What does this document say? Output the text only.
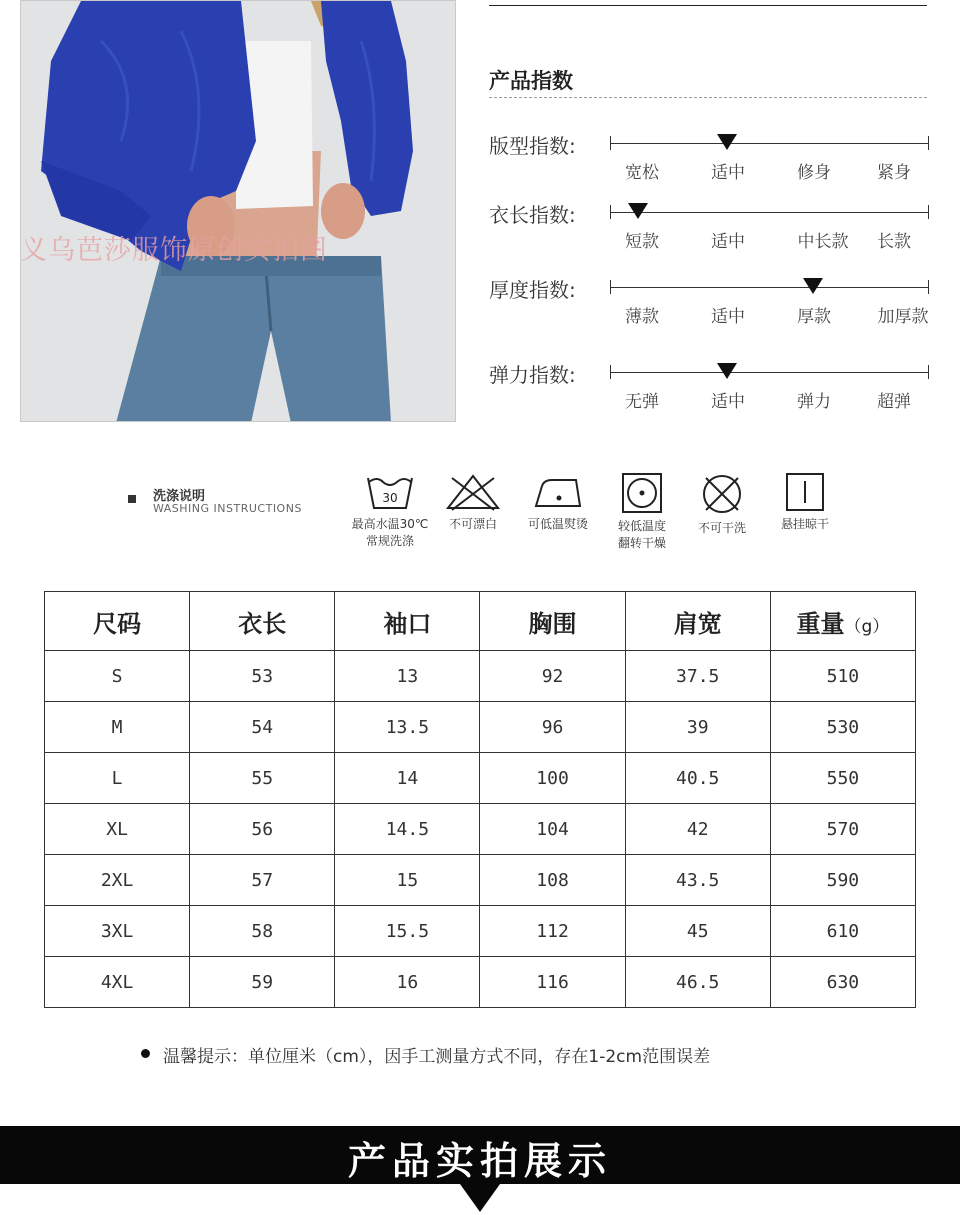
义乌芭莎服饰原创实拍图
产品指数
版型指数:
宽松	适中	修身	紧身
衣长指数:
短款	适中	中长款 长款
厚度指数:
薄款	适中	厚款	加厚款
弹力指数:
无弹	适中	弹力	超弹
洗涤说明
WASHING INSTRUCTIONS
30
最高水温30℃
常规洗涤
不可漂白	可低温熨烫	较低温度
翻转干燥
不可干洗	悬挂晾干
尺码	衣长	袖口	胸围	肩宽	重量（g）
S	53	13	92	37.5	510
M	54	13.5	96	39	530
L	55	14	100	40.5	550
XL	56	14.5	104	42	570
2XL	57	15	108	43.5	590
3XL	58	15.5	112	45	610
4XL	59	16	116	46.5	630
温馨提示：单位厘米（cm），因手工测量方式不同，存在1-2cm范围误差
产品实拍展示
